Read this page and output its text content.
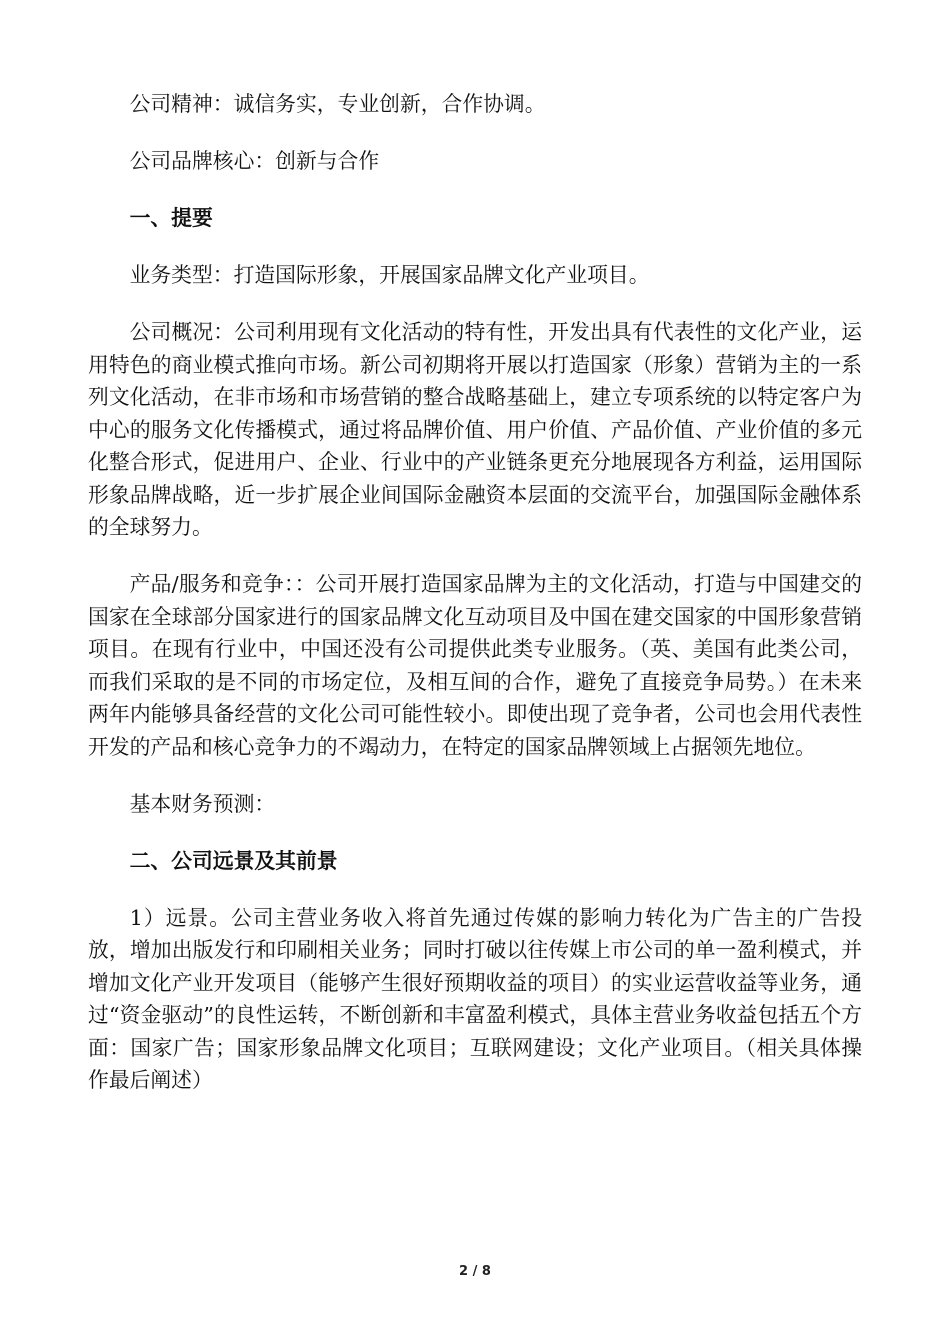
公司精神：诚信务实，专业创新，合作协调。

公司品牌核心：创新与合作

一、提要

业务类型：打造国际形象，开展国家品牌文化产业项目。

公司概况：公司利用现有文化活动的特有性，开发出具有代表性的文化产业，运用特色的商业模式推向市场。新公司初期将开展以打造国家（形象）营销为主的一系列文化活动，在非市场和市场营销的整合战略基础上，建立专项系统的以特定客户为中心的服务文化传播模式，通过将品牌价值、用户价值、产品价值、产业价值的多元化整合形式，促进用户、企业、行业中的产业链条更充分地展现各方利益，运用国际形象品牌战略，近一步扩展企业间国际金融资本层面的交流平台，加强国际金融体系的全球努力。

产品/服务和竞争：：公司开展打造国家品牌为主的文化活动，打造与中国建交的国家在全球部分国家进行的国家品牌文化互动项目及中国在建交国家的中国形象营销项目。在现有行业中，中国还没有公司提供此类专业服务。（英、美国有此类公司，而我们采取的是不同的市场定位，及相互间的合作，避免了直接竞争局势。）在未来两年内能够具备经营的文化公司可能性较小。即使出现了竞争者，公司也会用代表性开发的产品和核心竞争力的不竭动力，在特定的国家品牌领域上占据领先地位。

基本财务预测：

二、公司远景及其前景

1）远景。公司主营业务收入将首先通过传媒的影响力转化为广告主的广告投放，增加出版发行和印刷相关业务；同时打破以往传媒上市公司的单一盈利模式，并增加文化产业开发项目（能够产生很好预期收益的项目）的实业运营收益等业务，通过“资金驱动”的良性运转，不断创新和丰富盈利模式，具体主营业务收益包括五个方面：国家广告；国家形象品牌文化项目；互联网建设；文化产业项目。（相关具体操作最后阐述）

2 / 8
